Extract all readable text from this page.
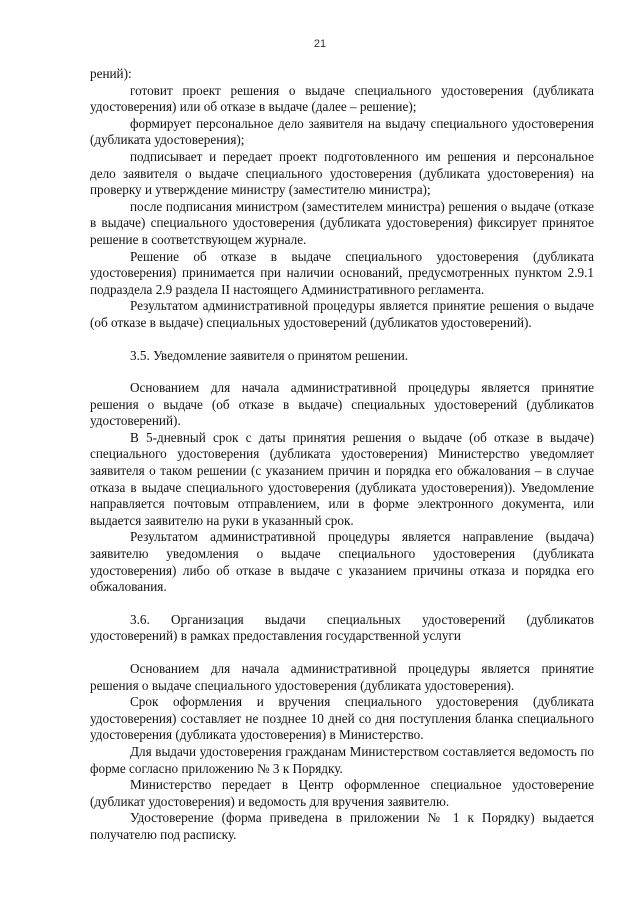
21

рений):

готовит проект решения о выдаче специального удостоверения (дубликата удостоверения) или об отказе в выдаче (далее – решение);

формирует персональное дело заявителя на выдачу специального удостоверения (дубликата удостоверения);

подписывает и передает проект подготовленного им решения и персональное дело заявителя о выдаче специального удостоверения (дубликата удостоверения) на проверку и утверждение министру (заместителю министра);

после подписания министром (заместителем министра) решения о выдаче (отказе в выдаче) специального удостоверения (дубликата удостоверения) фиксирует принятое решение в соответствующем журнале.

Решение об отказе в выдаче специального удостоверения (дубликата удостоверения) принимается при наличии оснований, предусмотренных пунктом 2.9.1 подраздела 2.9 раздела II настоящего Административного регламента.

Результатом административной процедуры является принятие решения о выдаче (об отказе в выдаче) специальных удостоверений (дубликатов удостоверений).

3.5. Уведомление заявителя о принятом решении.

Основанием для начала административной процедуры является принятие решения о выдаче (об отказе в выдаче) специальных удостоверений (дубликатов удостоверений).

В 5-дневный срок с даты принятия решения о выдаче (об отказе в выдаче) специального удостоверения (дубликата удостоверения) Министерство уведомляет заявителя о таком решении (с указанием причин и порядка его обжалования – в случае отказа в выдаче специального удостоверения (дубликата удостоверения)). Уведомление направляется почтовым отправлением, или в форме электронного документа, или выдается заявителю на руки в указанный срок.

Результатом административной процедуры является направление (выдача) заявителю уведомления о выдаче специального удостоверения (дубликата удостоверения) либо об отказе в выдаче с указанием причины отказа и порядка его обжалования.

3.6. Организация выдачи специальных удостоверений (дубликатов удостоверений) в рамках предоставления государственной услуги

Основанием для начала административной процедуры является принятие решения о выдаче специального удостоверения (дубликата удостоверения).

Срок оформления и вручения специального удостоверения (дубликата удостоверения) составляет не позднее 10 дней со дня поступления бланка специального удостоверения (дубликата удостоверения) в Министерство.

Для выдачи удостоверения гражданам Министерством составляется ведомость по форме согласно приложению № 3 к Порядку.

Министерство передает в Центр оформленное специальное удостоверение (дубликат удостоверения) и ведомость для вручения заявителю.

Удостоверение (форма приведена в приложении № 1 к Порядку) выдается получателю под расписку.
